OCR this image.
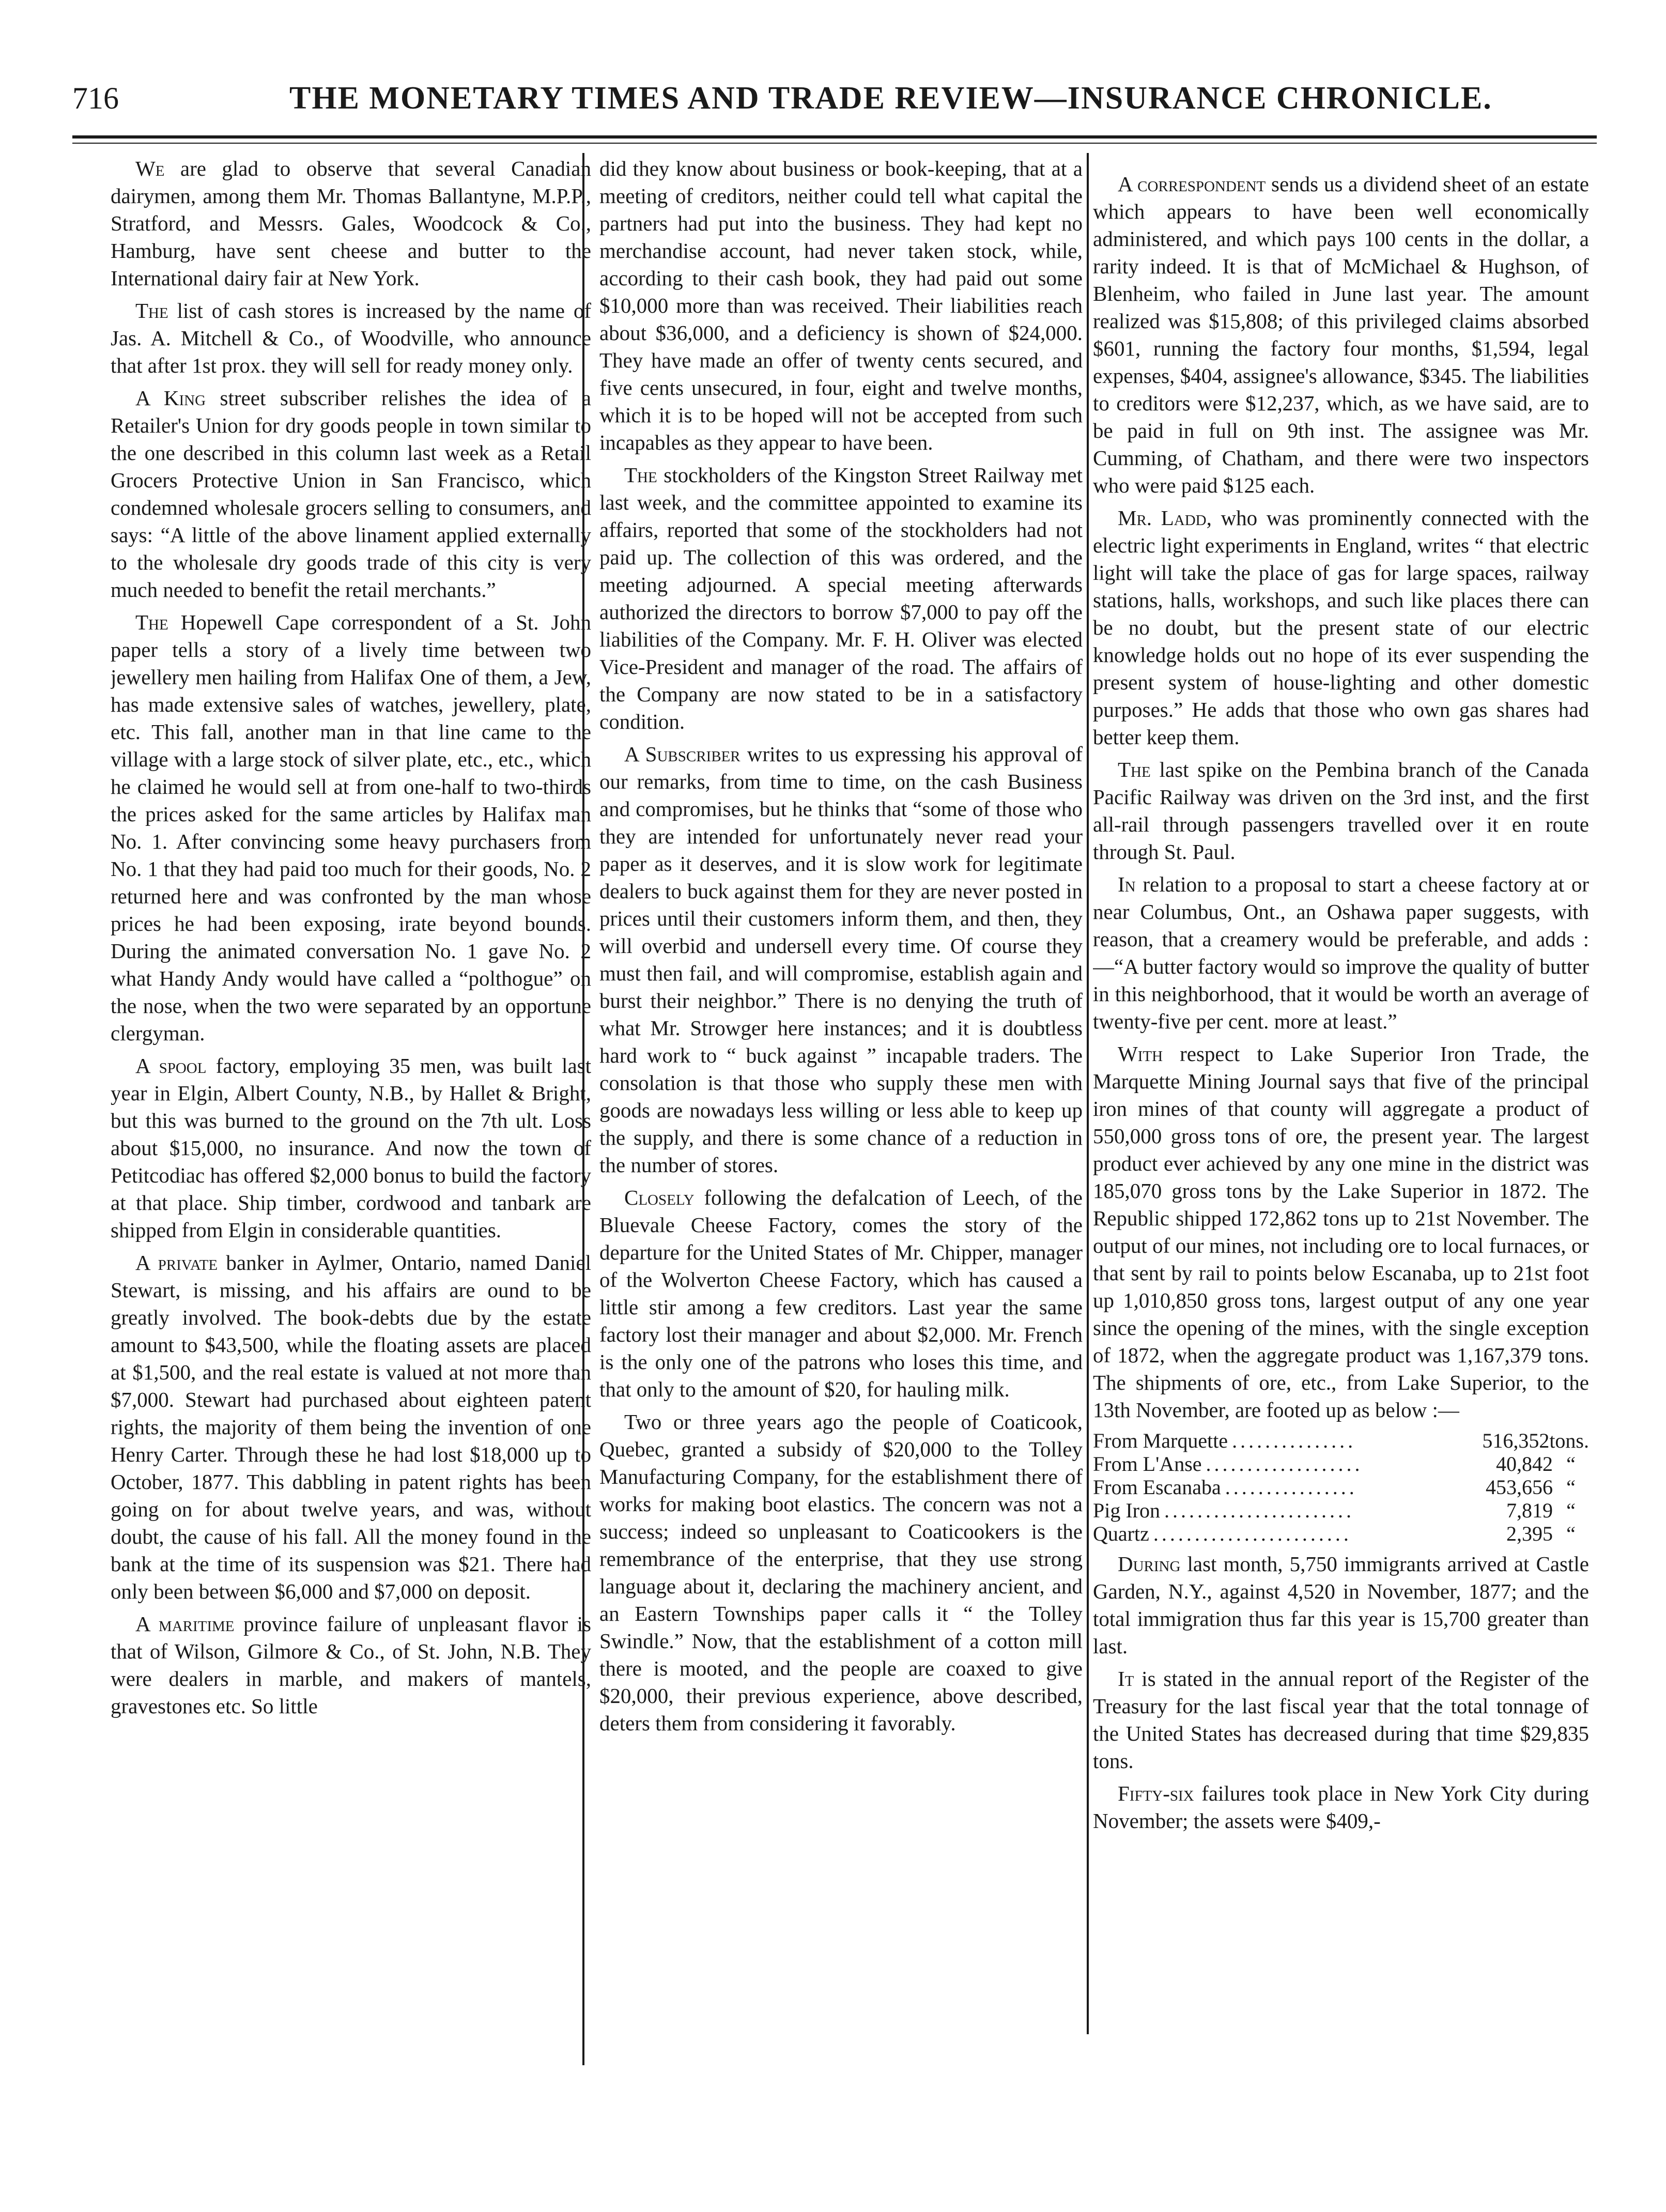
716	THE MONETARY TIMES AND TRADE REVIEW—INSURANCE CHRONICLE.

We are glad to observe that several Canadian dairymen, among them Mr. Thomas Ballantyne, M.P.P., Stratford, and Messrs. Gales, Woodcock & Co., Hamburg, have sent cheese and butter to the International dairy fair at New York.

The list of cash stores is increased by the name of Jas. A. Mitchell & Co., of Woodville, who announce that after 1st prox. they will sell for ready money only.

A King street subscriber relishes the idea of a Retailer's Union for dry goods people in town similar to the one described in this column last week as a Retail Grocers Protective Union in San Francisco, which condemned wholesale grocers selling to consumers, and says: “A little of the above linament applied externally to the wholesale dry goods trade of this city is very much needed to benefit the retail merchants.”

The Hopewell Cape correspondent of a St. John paper tells a story of a lively time between two jewellery men hailing from Halifax One of them, a Jew, has made extensive sales of watches, jewellery, plate, etc. This fall, another man in that line came to the village with a large stock of silver plate, etc., etc., which he claimed he would sell at from one-half to two-thirds the prices asked for the same articles by Halifax man No. 1. After convincing some heavy purchasers from No. 1 that they had paid too much for their goods, No. 2 returned here and was confronted by the man whose prices he had been exposing, irate beyond bounds. During the animated conversation No. 1 gave No. 2 what Handy Andy would have called a “polthogue” on the nose, when the two were separated by an opportune clergyman.

A spool factory, employing 35 men, was built last year in Elgin, Albert County, N.B., by Hallet & Bright, but this was burned to the ground on the 7th ult. Loss about $15,000, no insurance. And now the town of Petitcodiac has offered $2,000 bonus to build the factory at that place. Ship timber, cordwood and tanbark are shipped from Elgin in considerable quantities.

A private banker in Aylmer, Ontario, named Daniel Stewart, is missing, and his affairs are ound to be greatly involved. The book-debts due by the estate amount to $43,500, while the floating assets are placed at $1,500, and the real estate is valued at not more than $7,000. Stewart had purchased about eighteen patent rights, the majority of them being the invention of one Henry Carter. Through these he had lost $18,000 up to October, 1877. This dabbling in patent rights has been going on for about twelve years, and was, without doubt, the cause of his fall. All the money found in the bank at the time of its suspension was $21. There had only been between $6,000 and $7,000 on deposit.

A maritime province failure of unpleasant flavor is that of Wilson, Gilmore & Co., of St. John, N.B. They were dealers in marble, and makers of mantels, gravestones etc. So little

did they know about business or book-keeping, that at a meeting of creditors, neither could tell what capital the partners had put into the business. They had kept no merchandise account, had never taken stock, while, according to their cash book, they had paid out some $10,000 more than was received. Their liabilities reach about $36,000, and a deficiency is shown of $24,000. They have made an offer of twenty cents secured, and five cents unsecured, in four, eight and twelve months, which it is to be hoped will not be accepted from such incapables as they appear to have been.

The stockholders of the Kingston Street Railway met last week, and the committee appointed to examine its affairs, reported that some of the stockholders had not paid up. The collection of this was ordered, and the meeting adjourned. A special meeting afterwards authorized the directors to borrow $7,000 to pay off the liabilities of the Company. Mr. F. H. Oliver was elected Vice-President and manager of the road. The affairs of the Company are now stated to be in a satisfactory condition.

A Subscriber writes to us expressing his approval of our remarks, from time to time, on the cash Business and compromises, but he thinks that “some of those who they are intended for unfortunately never read your paper as it deserves, and it is slow work for legitimate dealers to buck against them for they are never posted in prices until their customers inform them, and then, they will overbid and undersell every time. Of course they must then fail, and will compromise, establish again and burst their neighbor.” There is no denying the truth of what Mr. Strowger here instances; and it is doubtless hard work to “ buck against ” incapable traders. The consolation is that those who supply these men with goods are nowadays less willing or less able to keep up the supply, and there is some chance of a reduction in the number of stores.

Closely following the defalcation of Leech, of the Bluevale Cheese Factory, comes the story of the departure for the United States of Mr. Chipper, manager of the Wolverton Cheese Factory, which has caused a little stir among a few creditors. Last year the same factory lost their manager and about $2,000. Mr. French is the only one of the patrons who loses this time, and that only to the amount of $20, for hauling milk.

Two or three years ago the people of Coaticook, Quebec, granted a subsidy of $20,000 to the Tolley Manufacturing Company, for the establishment there of works for making boot elastics. The concern was not a success; indeed so unpleasant to Coaticookers is the remembrance of the enterprise, that they use strong language about it, declaring the machinery ancient, and an Eastern Townships paper calls it “ the Tolley Swindle.” Now, that the establishment of a cotton mill there is mooted, and the people are coaxed to give $20,000, their previous experience, above described, deters them from considering it favorably.

A correspondent sends us a dividend sheet of an estate which appears to have been well economically administered, and which pays 100 cents in the dollar, a rarity indeed. It is that of McMichael & Hughson, of Blenheim, who failed in June last year. The amount realized was $15,808; of this privileged claims absorbed $601, running the factory four months, $1,594, legal expenses, $404, assignee's allowance, $345. The liabilities to creditors were $12,237, which, as we have said, are to be paid in full on 9th inst. The assignee was Mr. Cumming, of Chatham, and there were two inspectors who were paid $125 each.

Mr. Ladd, who was prominently connected with the electric light experiments in England, writes “ that electric light will take the place of gas for large spaces, railway stations, halls, workshops, and such like places there can be no doubt, but the present state of our electric knowledge holds out no hope of its ever suspending the present system of house-lighting and other domestic purposes.” He adds that those who own gas shares had better keep them.

The last spike on the Pembina branch of the Canada Pacific Railway was driven on the 3rd inst, and the first all-rail through passengers travelled over it en route through St. Paul.

In relation to a proposal to start a cheese factory at or near Columbus, Ont., an Oshawa paper suggests, with reason, that a creamery would be preferable, and adds :—“A butter factory would so improve the quality of butter in this neighborhood, that it would be worth an average of twenty-five per cent. more at least.”

With respect to Lake Superior Iron Trade, the Marquette Mining Journal says that five of the principal iron mines of that county will aggregate a product of 550,000 gross tons of ore, the present year. The largest product ever achieved by any one mine in the district was 185,070 gross tons by the Lake Superior in 1872. The Republic shipped 172,862 tons up to 21st November. The output of our mines, not including ore to local furnaces, or that sent by rail to points below Escanaba, up to 21st foot up 1,010,850 gross tons, largest output of any one year since the opening of the mines, with the single exception of 1872, when the aggregate product was 1,167,379 tons. The shipments of ore, etc., from Lake Superior, to the 13th November, are footed up as below :—

From Marquette ...............	516,352 tons.
From L'Anse ...................	40,842 “
From Escanaba ................	453,656 “
Pig Iron .......................	7,819 “
Quartz ........................	2,395 “

During last month, 5,750 immigrants arrived at Castle Garden, N.Y., against 4,520 in November, 1877; and the total immigration thus far this year is 15,700 greater than last.

It is stated in the annual report of the Register of the Treasury for the last fiscal year that the total tonnage of the United States has decreased during that time $29,835 tons.

Fifty-six failures took place in New York City during November; the assets were $409,-
